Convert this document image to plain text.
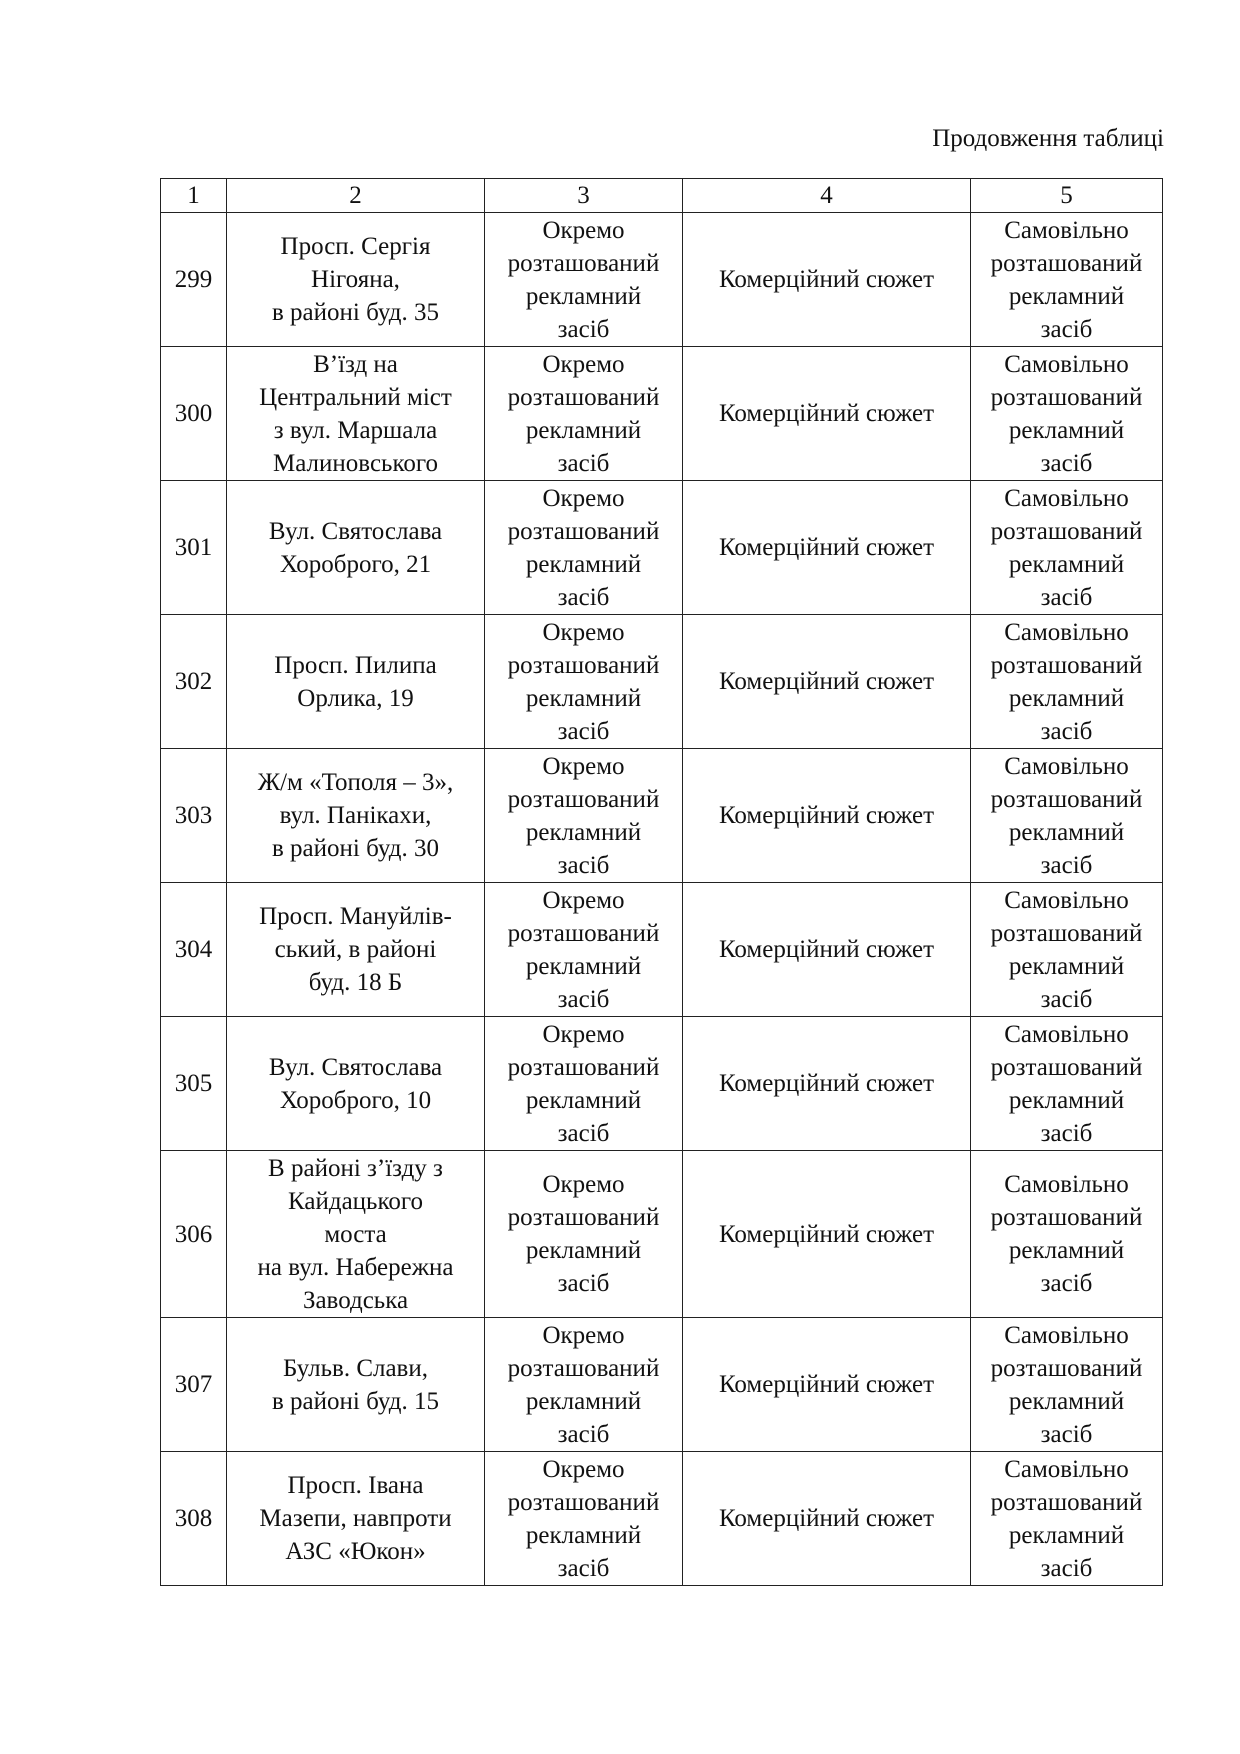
Продовження таблиці
1	2	3	4	5
299	Просп. Сергія
Нігояна,
в районі буд. 35	Окремо
розташований
рекламний
засіб	Комерційний сюжет	Самовільно
розташований
рекламний
засіб
300	В’їзд на
Центральний міст
з вул. Маршала
Малиновського	Окремо
розташований
рекламний
засіб	Комерційний сюжет	Самовільно
розташований
рекламний
засіб
301	Вул. Святослава
Хороброго, 21	Окремо
розташований
рекламний
засіб	Комерційний сюжет	Самовільно
розташований
рекламний
засіб
302	Просп. Пилипа
Орлика, 19	Окремо
розташований
рекламний
засіб	Комерційний сюжет	Самовільно
розташований
рекламний
засіб
303	Ж/м «Тополя – 3»,
вул. Панікахи,
в районі буд. 30	Окремо
розташований
рекламний
засіб	Комерційний сюжет	Самовільно
розташований
рекламний
засіб
304	Просп. Мануйлів-
ський, в районі
буд. 18 Б	Окремо
розташований
рекламний
засіб	Комерційний сюжет	Самовільно
розташований
рекламний
засіб
305	Вул. Святослава
Хороброго, 10	Окремо
розташований
рекламний
засіб	Комерційний сюжет	Самовільно
розташований
рекламний
засіб
306	В районі з’їзду з
Кайдацького
моста
на вул. Набережна
Заводська	Окремо
розташований
рекламний
засіб	Комерційний сюжет	Самовільно
розташований
рекламний
засіб
307	Бульв. Слави,
в районі буд. 15	Окремо
розташований
рекламний
засіб	Комерційний сюжет	Самовільно
розташований
рекламний
засіб
308	Просп. Івана
Мазепи, навпроти
АЗС «Юкон»	Окремо
розташований
рекламний
засіб	Комерційний сюжет	Самовільно
розташований
рекламний
засіб
